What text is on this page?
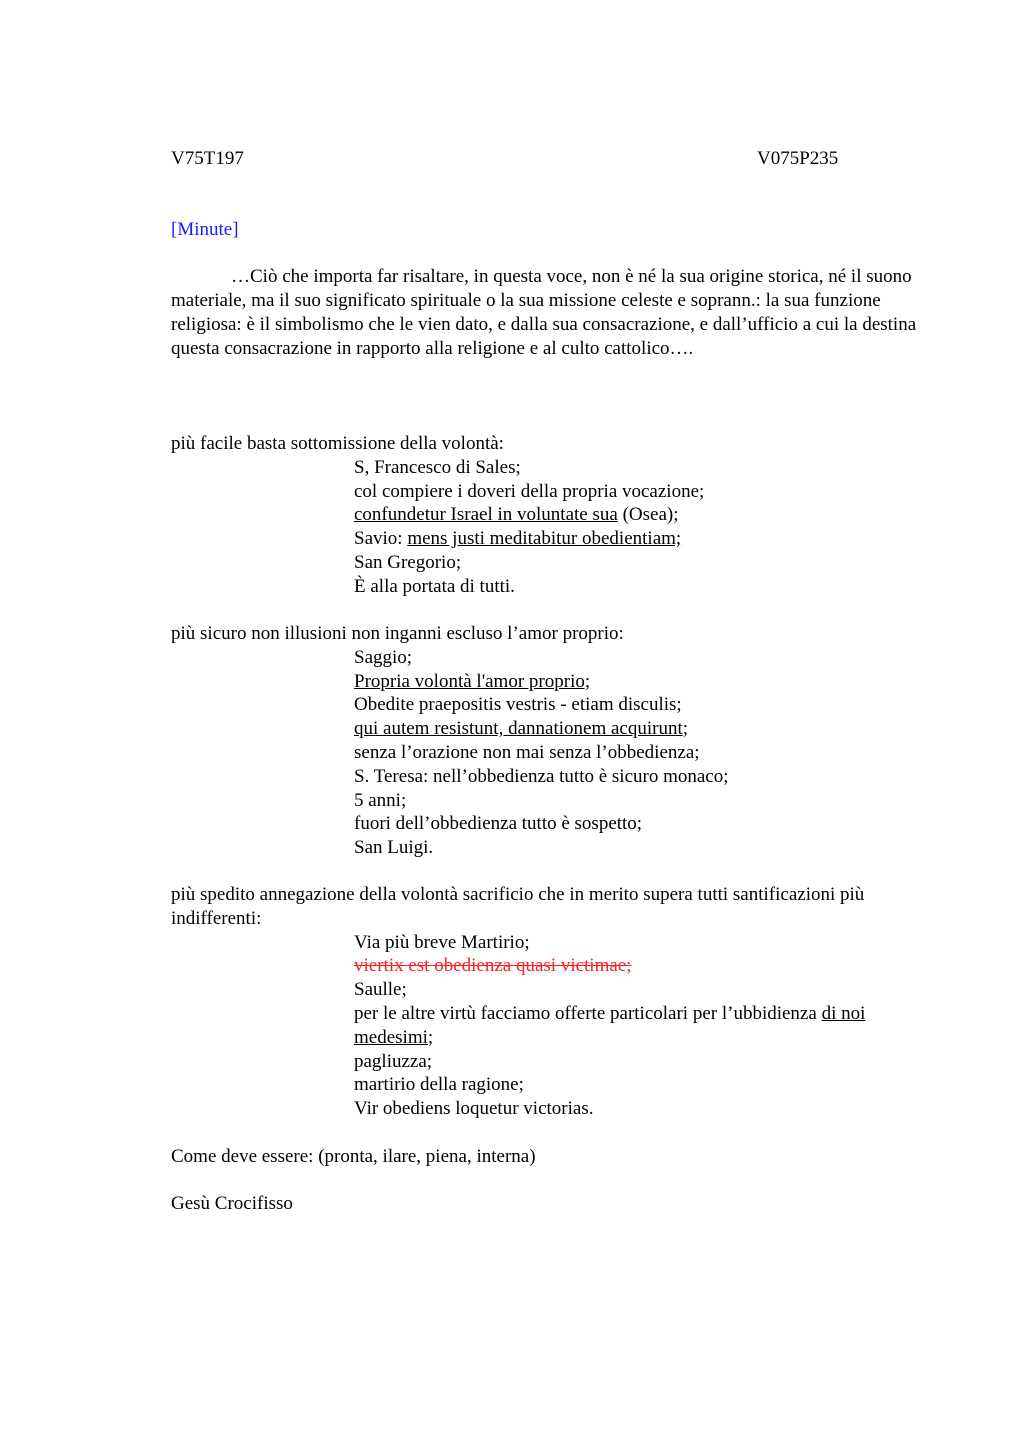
V75T197	V075P235
[Minute]

…Ciò che importa far risaltare, in questa voce, non è né la sua origine storica, né il suono materiale, ma il suo significato spirituale o la sua missione celeste e soprann.: la sua funzione religiosa: è il simbolismo che le vien dato, e dalla sua consacrazione, e dall’ufficio a cui la destina questa consacrazione in rapporto alla religione e al culto cattolico….

più facile basta sottomissione della volontà:

S, Francesco di Sales;
col compiere i doveri della propria vocazione;
confundetur Israel in voluntate sua (Osea);
Savio: mens justi meditabitur obedientiam;
San Gregorio;
È alla portata di tutti.

più sicuro non illusioni non inganni escluso l’amor proprio:

Saggio;
Propria volontà l'amor proprio;
Obedite praepositis vestris - etiam disculis;
qui autem resistunt, dannationem acquirunt;
senza l’orazione non mai senza l’obbedienza;
S. Teresa: nell’obbedienza tutto è sicuro monaco;
5 anni;
fuori dell’obbedienza tutto è sospetto;
San Luigi.

più spedito annegazione della volontà sacrificio che in merito supera tutti santificazioni più indifferenti:

Via più breve Martirio;
viertix est obedienza quasi victimae;
Saulle;
per le altre virtù facciamo offerte particolari per l’ubbidienza di noi medesimi;
pagliuzza;
martirio della ragione;
Vir obediens loquetur victorias.
Come deve essere: (pronta, ilare, piena, interna)
Gesù Crocifisso
